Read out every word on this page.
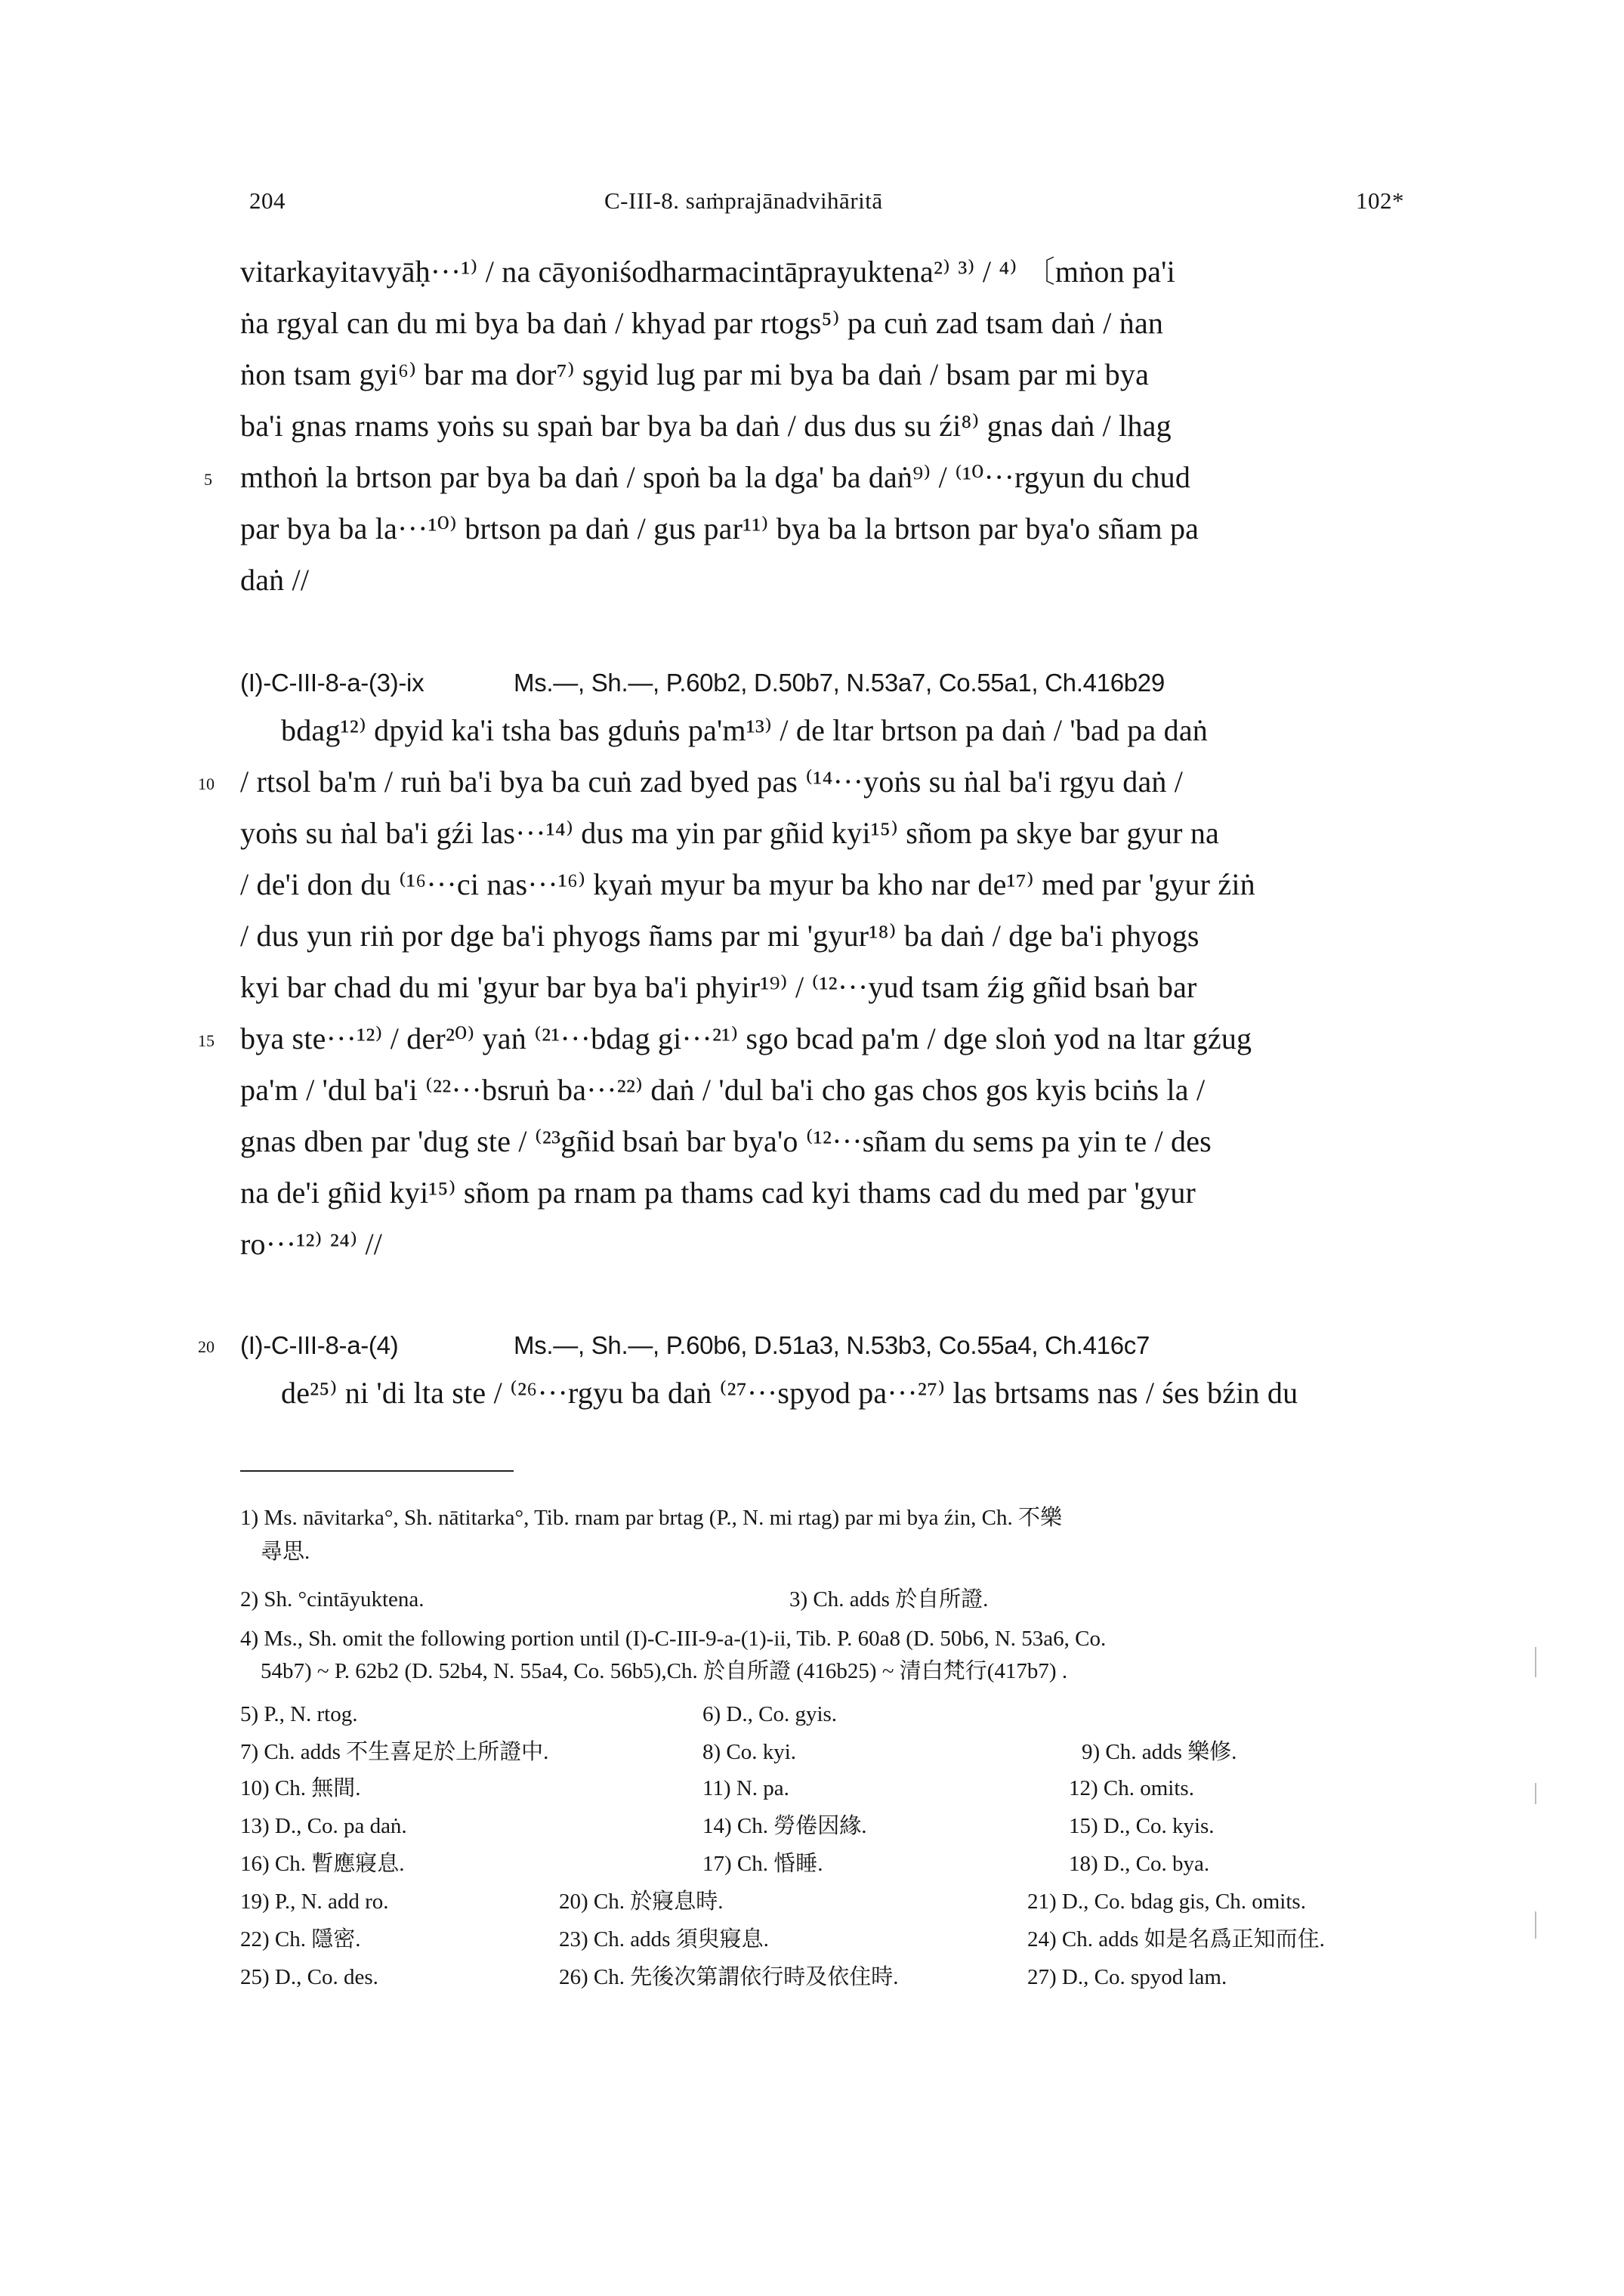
204	C-III-8. saṁprajānadvihāritā	102*
vitarkayitavyāḥ···¹⁾ / na cāyoniśodharmacintāprayuktena²⁾ ³⁾ / ⁴⁾ 〔mṅon pa'i
ṅa rgyal can du mi bya ba daṅ / khyad par rtogs⁵⁾ pa cuṅ zad tsam daṅ / ṅan
ṅon tsam gyi⁶⁾ bar ma dor⁷⁾ sgyid lug par mi bya ba daṅ / bsam par mi bya
ba'i gnas rnams yoṅs su spaṅ bar bya ba daṅ / dus dus su źi⁸⁾ gnas daṅ / lhag
mthoṅ la brtson par bya ba daṅ / spoṅ ba la dga' ba daṅ⁹⁾ / ⁽¹⁰···rgyun du chud
par bya ba la···¹⁰⁾ brtson pa daṅ / gus par¹¹⁾ bya ba la brtson par bya'o sñam pa
daṅ //
5
(I)-C-III-8-a-(3)-ix	Ms.—, Sh.—, P.60b2, D.50b7, N.53a7, Co.55a1, Ch.416b29
bdag¹²⁾ dpyid ka'i tsha bas gduṅs pa'm¹³⁾ / de ltar brtson pa daṅ / 'bad pa daṅ
/ rtsol ba'm / ruṅ ba'i bya ba cuṅ zad byed pas ⁽¹⁴···yoṅs su ṅal ba'i rgyu daṅ /
yoṅs su ṅal ba'i gźi las···¹⁴⁾ dus ma yin par gñid kyi¹⁵⁾ sñom pa skye bar gyur na
/ de'i don du ⁽¹⁶···ci nas···¹⁶⁾ kyaṅ myur ba myur ba kho nar de¹⁷⁾ med par 'gyur źiṅ
/ dus yun riṅ por dge ba'i phyogs ñams par mi 'gyur¹⁸⁾ ba daṅ / dge ba'i phyogs
kyi bar chad du mi 'gyur bar bya ba'i phyir¹⁹⁾ / ⁽¹²···yud tsam źig gñid bsaṅ bar
bya ste···¹²⁾ / der²⁰⁾ yaṅ ⁽²¹···bdag gi···²¹⁾ sgo bcad pa'm / dge sloṅ yod na ltar gźug
pa'm / 'dul ba'i ⁽²²···bsruṅ ba···²²⁾ daṅ / 'dul ba'i cho gas chos gos kyis bciṅs la /
gnas dben par 'dug ste / ⁽²³gñid bsaṅ bar bya'o ⁽¹²···sñam du sems pa yin te / des
na de'i gñid kyi¹⁵⁾ sñom pa rnam pa thams cad kyi thams cad du med par 'gyur
ro···¹²⁾ ²⁴⁾ //
10
15
20 (I)-C-III-8-a-(4)	Ms.—, Sh.—, P.60b6, D.51a3, N.53b3, Co.55a4, Ch.416c7
de²⁵⁾ ni 'di lta ste / ⁽²⁶···rgyu ba daṅ ⁽²⁷···spyod pa···²⁷⁾ las brtsams nas / śes bźin du
1) Ms. nāvitarka°, Sh. nātitarka°, Tib. rnam par brtag (P., N. mi rtag) par mi bya źin, Ch. 不樂
尋思.
2) Sh. °cintāyuktena.	3) Ch. adds 於自所證.
4) Ms., Sh. omit the following portion until (I)-C-III-9-a-(1)-ii, Tib. P. 60a8 (D. 50b6, N. 53a6, Co.
54b7) ~ P. 62b2 (D. 52b4, N. 55a4, Co. 56b5),Ch. 於自所證 (416b25) ~ 清白梵行(417b7) .
5) P., N. rtog.	6) D., Co. gyis.
7) Ch. adds 不生喜足於上所證中.	8) Co. kyi.	9) Ch. adds 樂修.
10) Ch. 無間.	11) N. pa.	12) Ch. omits.
13) D., Co. pa daṅ.	14) Ch. 勞倦因緣.	15) D., Co. kyis.
16) Ch. 暫應寢息.	17) Ch. 惛睡.	18) D., Co. bya.
19) P., N. add ro.	20) Ch. 於寢息時.	21) D., Co. bdag gis, Ch. omits.
22) Ch. 隱密.	23) Ch. adds 須臾寢息.	24) Ch. adds 如是名爲正知而住.
25) D., Co. des.	26) Ch. 先後次第謂依行時及依住時.	27) D., Co. spyod lam.
